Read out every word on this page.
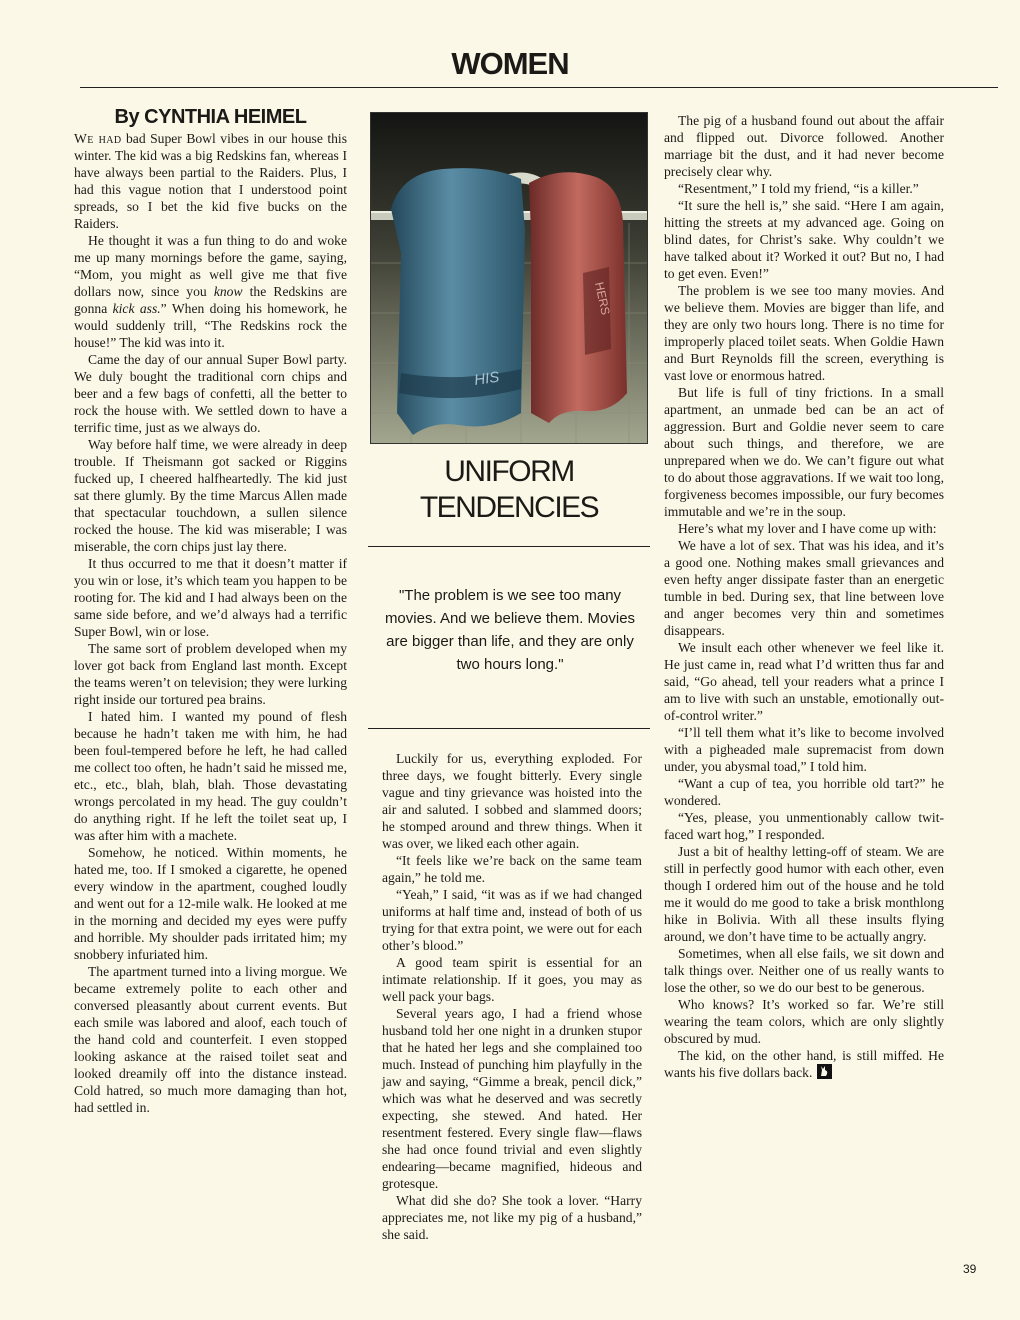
WOMEN
By CYNTHIA HEIMEL

We had bad Super Bowl vibes in our house this winter. The kid was a big Redskins fan, whereas I have always been partial to the Raiders. Plus, I had this vague notion that I understood point spreads, so I bet the kid five bucks on the Raiders.

He thought it was a fun thing to do and woke me up many mornings before the game, saying, “Mom, you might as well give me that five dollars now, since you know the Redskins are gonna kick ass.” When doing his homework, he would suddenly trill, “The Redskins rock the house!” The kid was into it.

Came the day of our annual Super Bowl party. We duly bought the traditional corn chips and beer and a few bags of confetti, all the better to rock the house with. We settled down to have a terrific time, just as we always do.

Way before half time, we were already in deep trouble. If Theismann got sacked or Riggins fucked up, I cheered halfheartedly. The kid just sat there glumly. By the time Marcus Allen made that spectacular touchdown, a sullen silence rocked the house. The kid was miserable; I was miserable, the corn chips just lay there.

It thus occurred to me that it doesn’t matter if you win or lose, it’s which team you happen to be rooting for. The kid and I had always been on the same side before, and we’d always had a terrific Super Bowl, win or lose.

The same sort of problem developed when my lover got back from England last month. Except the teams weren’t on television; they were lurking right inside our tortured pea brains.

I hated him. I wanted my pound of flesh because he hadn’t taken me with him, he had been foul-tempered before he left, he had called me collect too often, he hadn’t said he missed me, etc., etc., blah, blah, blah. Those devastating wrongs percolated in my head. The guy couldn’t do anything right. If he left the toilet seat up, I was after him with a machete.

Somehow, he noticed. Within moments, he hated me, too. If I smoked a cigarette, he opened every window in the apartment, coughed loudly and went out for a 12-mile walk. He looked at me in the morning and decided my eyes were puffy and horrible. My shoulder pads irritated him; my snobbery infuriated him.

The apartment turned into a living morgue. We became extremely polite to each other and conversed pleasantly about current events. But each smile was labored and aloof, each touch of the hand cold and counterfeit. I even stopped looking askance at the raised toilet seat and looked dreamily off into the distance instead. Cold hatred, so much more damaging than hot, had settled in.

HIS
HERS
UNIFORM
TENDENCIES

"The problem is we see too many movies. And we believe them. Movies are bigger than life, and they are only two hours long."

Luckily for us, everything exploded. For three days, we fought bitterly. Every single vague and tiny grievance was hoisted into the air and saluted. I sobbed and slammed doors; he stomped around and threw things. When it was over, we liked each other again.

“It feels like we’re back on the same team again,” he told me.

“Yeah,” I said, “it was as if we had changed uniforms at half time and, instead of both of us trying for that extra point, we were out for each other’s blood.”

A good team spirit is essential for an intimate relationship. If it goes, you may as well pack your bags.

Several years ago, I had a friend whose husband told her one night in a drunken stupor that he hated her legs and she complained too much. Instead of punching him playfully in the jaw and saying, “Gimme a break, pencil dick,” which was what he deserved and was secretly expecting, she stewed. And hated. Her resentment festered. Every single flaw—flaws she had once found trivial and even slightly endearing—became magnified, hideous and grotesque.

What did she do? She took a lover. “Harry appreciates me, not like my pig of a husband,” she said.

The pig of a husband found out about the affair and flipped out. Divorce followed. Another marriage bit the dust, and it had never become precisely clear why.

“Resentment,” I told my friend, “is a killer.”

“It sure the hell is,” she said. “Here I am again, hitting the streets at my advanced age. Going on blind dates, for Christ’s sake. Why couldn’t we have talked about it? Worked it out? But no, I had to get even. Even!”

The problem is we see too many movies. And we believe them. Movies are bigger than life, and they are only two hours long. There is no time for improperly placed toilet seats. When Goldie Hawn and Burt Reynolds fill the screen, everything is vast love or enormous hatred.

But life is full of tiny frictions. In a small apartment, an unmade bed can be an act of aggression. Burt and Goldie never seem to care about such things, and therefore, we are unprepared when we do. We can’t figure out what to do about those aggravations. If we wait too long, forgiveness becomes impossible, our fury becomes immutable and we’re in the soup.

Here’s what my lover and I have come up with:

We have a lot of sex. That was his idea, and it’s a good one. Nothing makes small grievances and even hefty anger dissipate faster than an energetic tumble in bed. During sex, that line between love and anger becomes very thin and sometimes disappears.

We insult each other whenever we feel like it. He just came in, read what I’d written thus far and said, “Go ahead, tell your readers what a prince I am to live with such an unstable, emotionally out-of-control writer.”

“I’ll tell them what it’s like to become involved with a pigheaded male supremacist from down under, you abysmal toad,” I told him.

“Want a cup of tea, you horrible old tart?” he wondered.

“Yes, please, you unmentionably callow twit-faced wart hog,” I responded.

Just a bit of healthy letting-off of steam. We are still in perfectly good humor with each other, even though I ordered him out of the house and he told me it would do me good to take a brisk monthlong hike in Bolivia. With all these insults flying around, we don’t have time to be actually angry.

Sometimes, when all else fails, we sit down and talk things over. Neither one of us really wants to lose the other, so we do our best to be generous.

Who knows? It’s worked so far. We’re still wearing the team colors, which are only slightly obscured by mud.

The kid, on the other hand, is still miffed. He wants his five dollars back.

39
